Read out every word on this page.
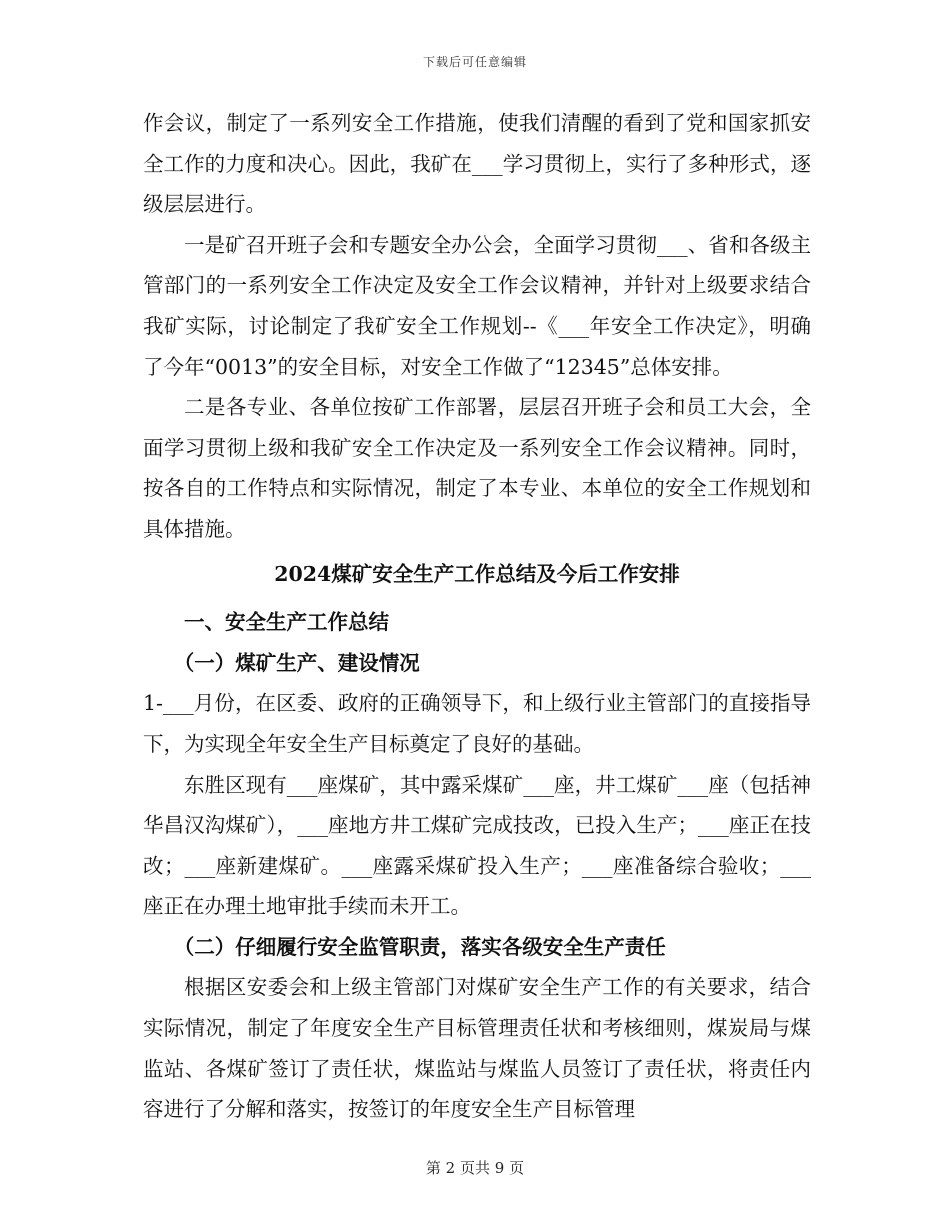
下载后可任意编辑

作会议，制定了一系列安全工作措施，使我们清醒的看到了党和国家抓安全工作的力度和决心。因此，我矿在___学习贯彻上，实行了多种形式，逐级层层进行。

一是矿召开班子会和专题安全办公会，全面学习贯彻___、省和各级主管部门的一系列安全工作决定及安全工作会议精神，并针对上级要求结合我矿实际，讨论制定了我矿安全工作规划--《___年安全工作决定》，明确了今年“0013”的安全目标，对安全工作做了“12345”总体安排。

二是各专业、各单位按矿工作部署，层层召开班子会和员工大会，全面学习贯彻上级和我矿安全工作决定及一系列安全工作会议精神。同时，按各自的工作特点和实际情况，制定了本专业、本单位的安全工作规划和具体措施。

2024煤矿安全生产工作总结及今后工作安排

一、安全生产工作总结

（一）煤矿生产、建设情况

1-___月份，在区委、政府的正确领导下，和上级行业主管部门的直接指导下，为实现全年安全生产目标奠定了良好的基础。

东胜区现有___座煤矿，其中露采煤矿___座，井工煤矿___座（包括神华昌汉沟煤矿），___座地方井工煤矿完成技改，已投入生产；___座正在技改；___座新建煤矿。___座露采煤矿投入生产；___座准备综合验收；___座正在办理土地审批手续而未开工。

（二）仔细履行安全监管职责，落实各级安全生产责任

根据区安委会和上级主管部门对煤矿安全生产工作的有关要求，结合实际情况，制定了年度安全生产目标管理责任状和考核细则，煤炭局与煤监站、各煤矿签订了责任状，煤监站与煤监人员签订了责任状，将责任内容进行了分解和落实，按签订的年度安全生产目标管理

第 2 页共 9 页
